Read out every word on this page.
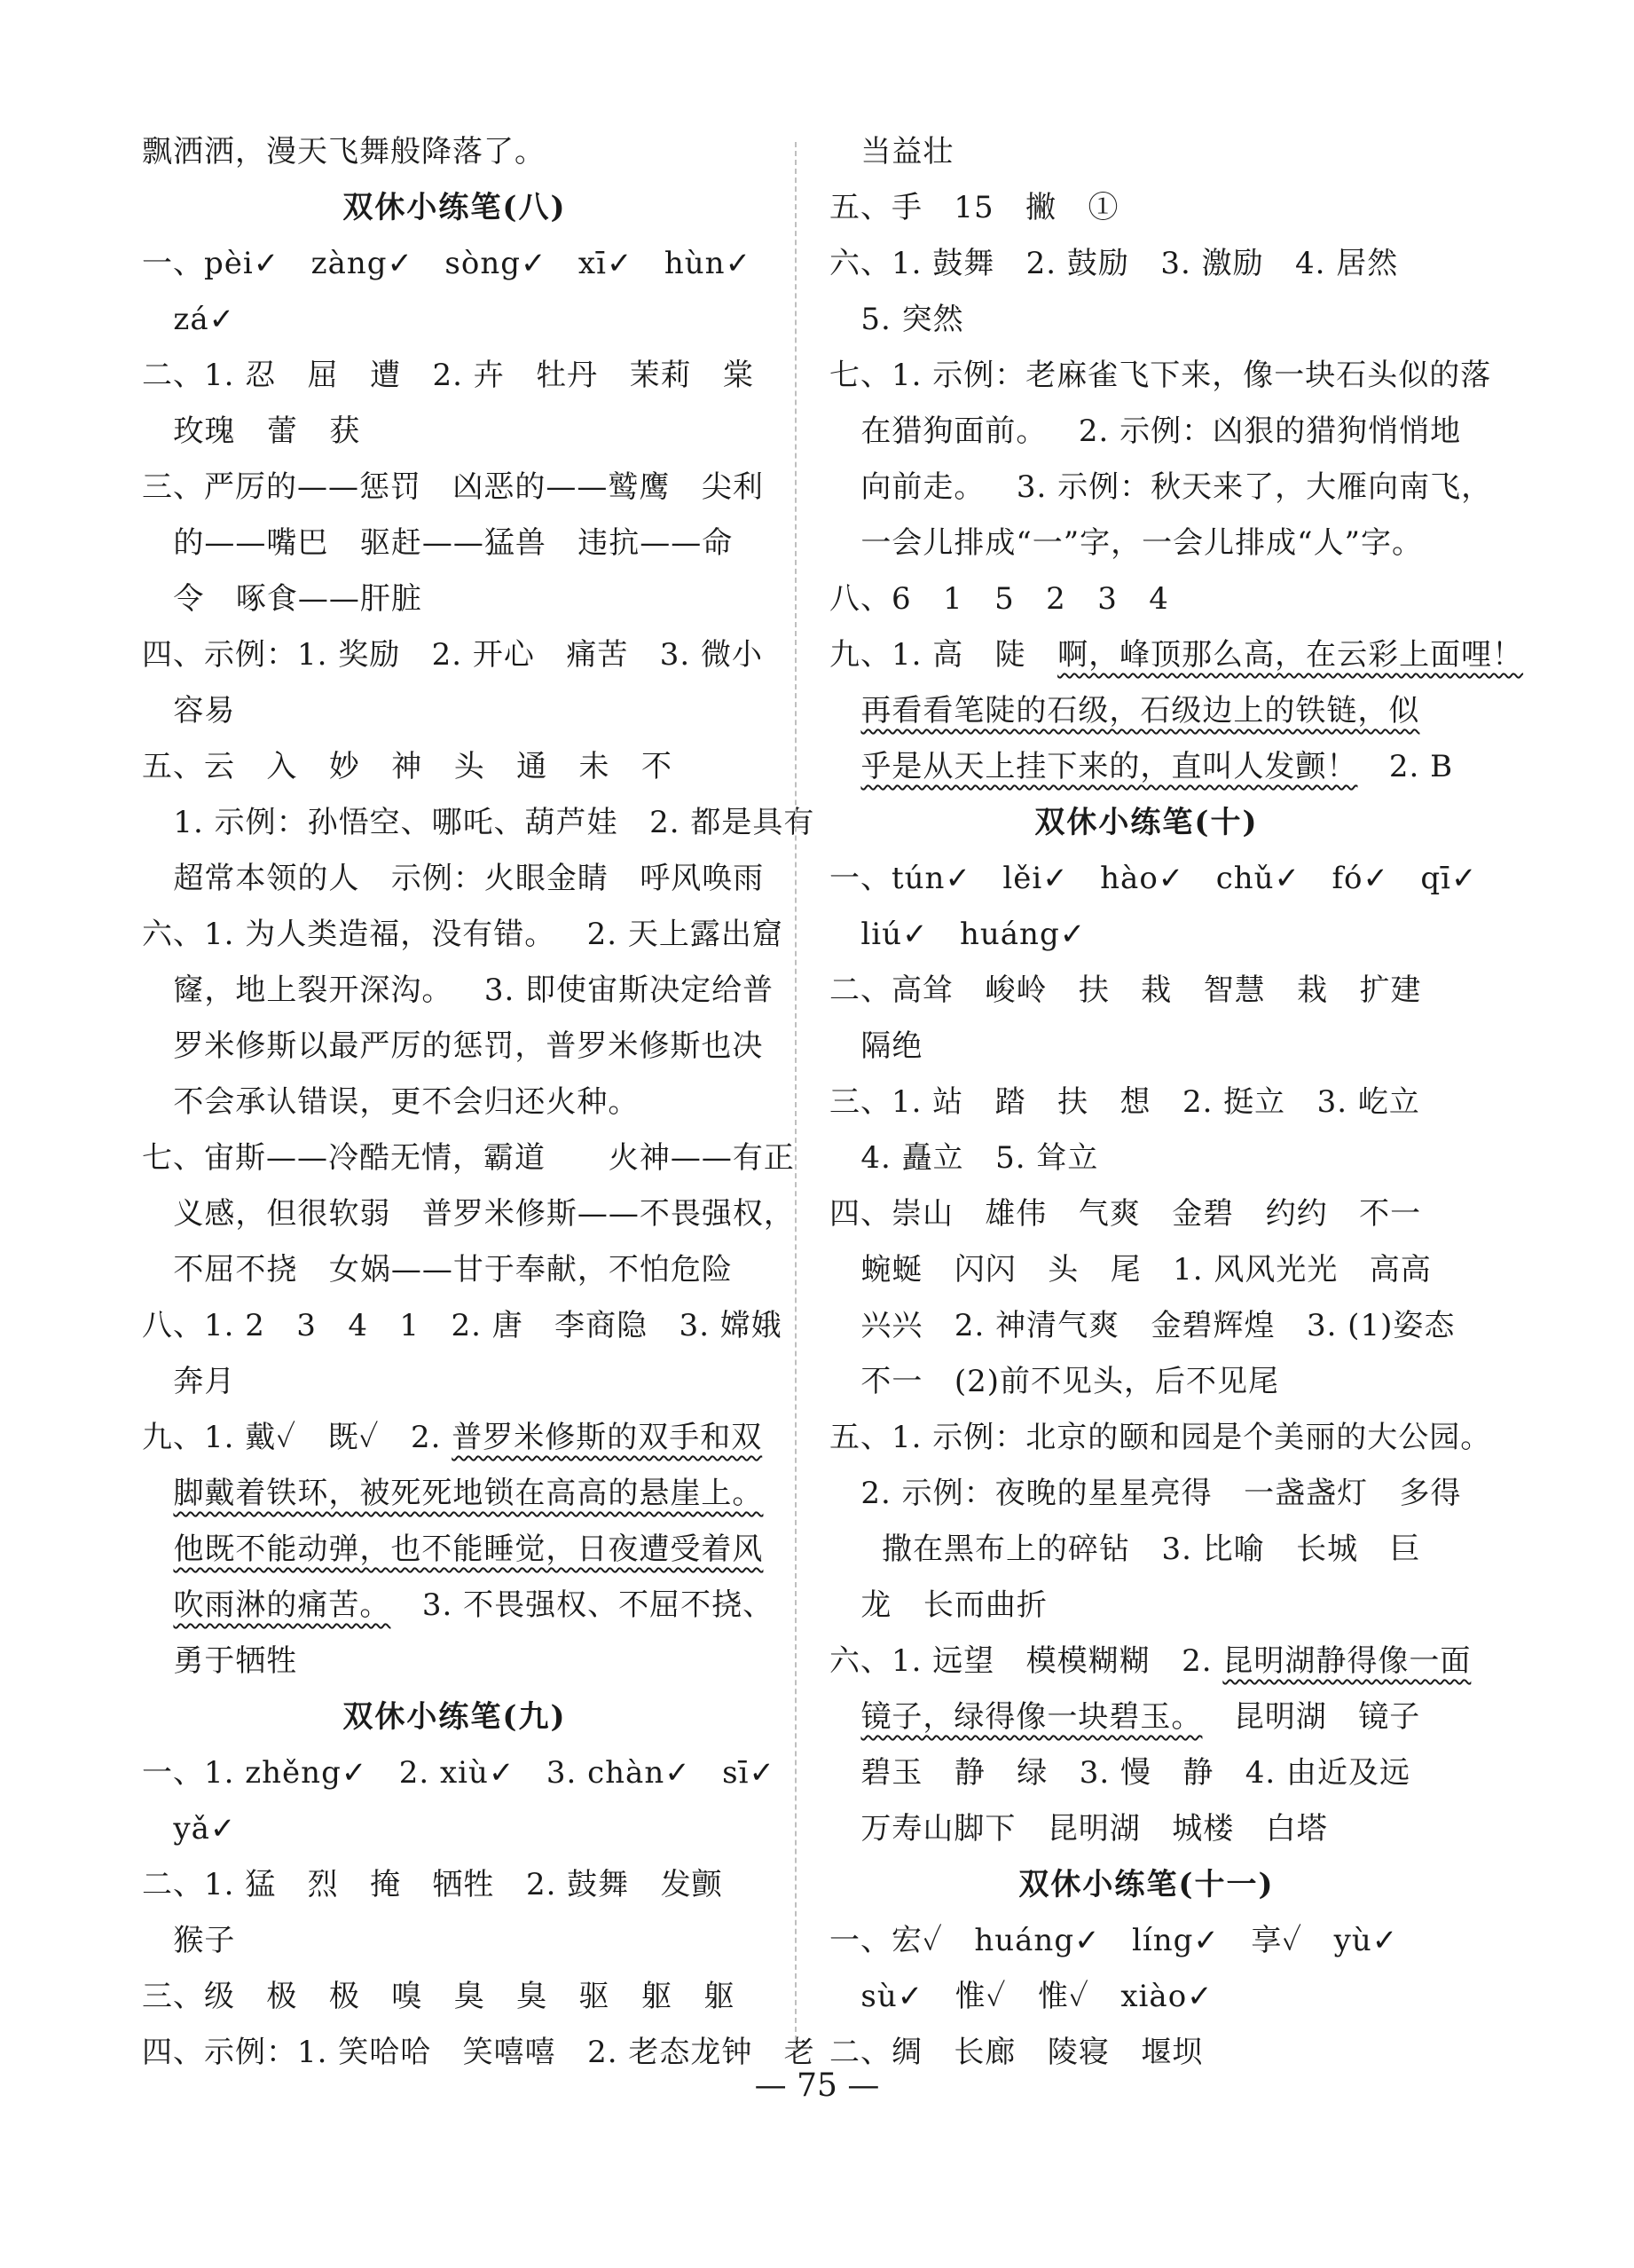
飘洒洒，漫天飞舞般降落了。
双休小练笔(八)
一、pèi✓   zàng✓   sòng✓   xī✓   hùn✓
zá✓
二、1. 忍   屈   遭   2. 卉   牡丹   茉莉   棠
玫瑰   蕾   获
三、严厉的——惩罚   凶恶的——鹫鹰   尖利
的——嘴巴   驱赶——猛兽   违抗——命
令   啄食——肝脏
四、示例：1. 奖励   2. 开心   痛苦   3. 微小
容易
五、云   入   妙   神   头   通   未   不
1. 示例：孙悟空、哪吒、葫芦娃   2. 都是具有
超常本领的人   示例：火眼金睛   呼风唤雨
六、1. 为人类造福，没有错。   2. 天上露出窟
窿，地上裂开深沟。   3. 即使宙斯决定给普
罗米修斯以最严厉的惩罚，普罗米修斯也决
不会承认错误，更不会归还火种。
七、宙斯——冷酷无情，霸道      火神——有正
义感，但很软弱   普罗米修斯——不畏强权，
不屈不挠   女娲——甘于奉献，不怕危险
八、1. 2   3   4   1   2. 唐   李商隐   3. 嫦娥
奔月
九、1. 戴✓   既✓   2. 普罗米修斯的双手和双
脚戴着铁环，被死死地锁在高高的悬崖上。
他既不能动弹，也不能睡觉，日夜遭受着风
吹雨淋的痛苦。   3. 不畏强权、不屈不挠、
勇于牺牲
双休小练笔(九)
一、1. zhěng✓   2. xiù✓   3. chàn✓   sī✓
yǎ✓
二、1. 猛   烈   掩   牺牲   2. 鼓舞   发颤
猴子
三、级   极   极   嗅   臭   臭   驱   躯   躯
四、示例：1. 笑哈哈   笑嘻嘻   2. 老态龙钟   老
当益壮
五、手   15   撇   ①
六、1. 鼓舞   2. 鼓励   3. 激励   4. 居然
5. 突然
七、1. 示例：老麻雀飞下来，像一块石头似的落
在猎狗面前。   2. 示例：凶狠的猎狗悄悄地
向前走。   3. 示例：秋天来了，大雁向南飞，
一会儿排成“一”字，一会儿排成“人”字。
八、6   1   5   2   3   4
九、1. 高   陡   啊，峰顶那么高，在云彩上面哩！
再看看笔陡的石级，石级边上的铁链，似
乎是从天上挂下来的，直叫人发颤！   2. B
双休小练笔(十)
一、tún✓   lěi✓   hào✓   chǔ✓   fó✓   qī✓
liú✓   huáng✓
二、高耸   峻岭   扶   栽   智慧   栽   扩建
隔绝
三、1. 站   踏   扶   想   2. 挺立   3. 屹立
4. 矗立   5. 耸立
四、崇山   雄伟   气爽   金碧   约约   不一
蜿蜒   闪闪   头   尾   1. 风风光光   高高
兴兴   2. 神清气爽   金碧辉煌   3. (1)姿态
不一   (2)前不见头，后不见尾
五、1. 示例：北京的颐和园是个美丽的大公园。
2. 示例：夜晚的星星亮得   一盏盏灯   多得
撒在黑布上的碎钻   3. 比喻   长城   巨
龙   长而曲折
六、1. 远望   模模糊糊   2. 昆明湖静得像一面
镜子，绿得像一块碧玉。   昆明湖   镜子
碧玉   静   绿   3. 慢   静   4. 由近及远
万寿山脚下   昆明湖   城楼   白塔
双休小练笔(十一)
一、宏✓   huáng✓   líng✓   享✓   yù✓
sù✓   惟✓   惟✓   xiào✓
二、绸   长廊   陵寝   堰坝
— 75 —
